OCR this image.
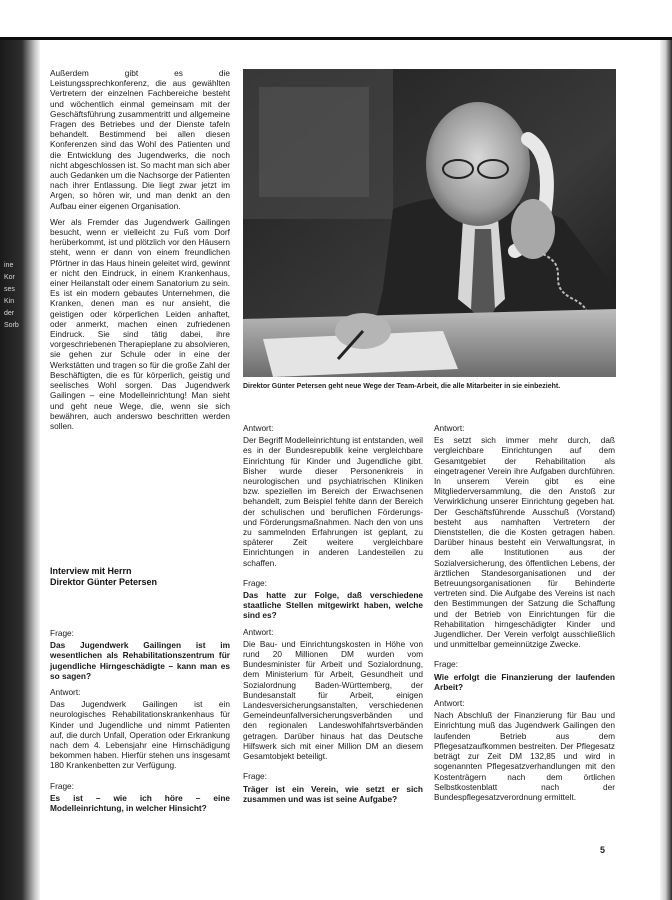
ine
Kor
ses
Kin
der
Sorb

Außerdem gibt es die Leistungssprechkonferenz, die aus gewählten Vertretern der einzelnen Fachbereiche besteht und wöchentlich einmal gemeinsam mit der Geschäftsführung zusammentritt und allgemeine Fragen des Betriebes und der Dienste tafeln behandelt. Bestimmend bei allen diesen Konferenzen sind das Wohl des Patienten und die Entwicklung des Jugendwerks, die noch nicht abgeschlossen ist. So macht man sich aber auch Gedanken um die Nachsorge der Patienten nach ihrer Entlassung. Die liegt zwar jetzt im Argen, so hören wir, und man denkt an den Aufbau einer eigenen Organisation.

Wer als Fremder das Jugendwerk Gailingen besucht, wenn er vielleicht zu Fuß vom Dorf herüberkommt, ist und plötzlich vor den Häusern steht, wenn er dann von einem freundlichen Pförtner in das Haus hinein geleitet wird, gewinnt er nicht den Eindruck, in einem Krankenhaus, einer Heilanstalt oder einem Sanatorium zu sein. Es ist ein modern gebautes Unternehmen, die Kranken, denen man es nur ansieht, die geistigen oder körperlichen Leiden anhaftet, oder anmerkt, machen einen zufriedenen Eindruck. Sie sind tätig dabei, ihre vorgeschriebenen Therapieplane zu absolvieren, sie gehen zur Schule oder in eine der Werkstätten und tragen so für die große Zahl der Beschäftigten, die es für körperlich, geistig und seelisches Wohl sorgen. Das Jugendwerk Gailingen – eine Modelleinrichtung! Man sieht und geht neue Wege, die, wenn sie sich bewähren, auch anderswo beschritten werden sollen.

Interview mit Herrn
Direktor Günter Petersen

Frage:

Das Jugendwerk Gailingen ist im wesentlichen als Rehabilitationszentrum für jugendliche Hirngeschädigte – kann man es so sagen?

Antwort:

Das Jugendwerk Gailingen ist ein neurologisches Rehabilitationskrankenhaus für Kinder und Jugendliche und nimmt Patienten auf, die durch Unfall, Operation oder Erkrankung nach dem 4. Lebensjahr eine Hirnschädigung bekommen haben. Hierfür stehen uns insgesamt 180 Krankenbetten zur Verfügung.

Frage:

Es ist – wie ich höre – eine Modelleinrichtung, in welcher Hinsicht?

Direktor Günter Petersen geht neue Wege der Team-Arbeit, die alle Mitarbeiter in sie einbezieht.

Antwort:

Der Begriff Modelleinrichtung ist entstanden, weil es in der Bundesrepublik keine vergleichbare Einrichtung für Kinder und Jugendliche gibt. Bisher wurde dieser Personenkreis in neurologischen und psychiatrischen Kliniken bzw. speziellen im Bereich der Erwachsenen behandelt, zum Beispiel fehlte dann der Bereich der schulischen und beruflichen Förderungs- und Förderungsmaßnahmen. Nach den von uns zu sammelnden Erfahrungen ist geplant, zu späterer Zeit weitere vergleichbare Einrichtungen in anderen Landesteilen zu schaffen.

Frage:

Das hatte zur Folge, daß verschiedene staatliche Stellen mitgewirkt haben, welche sind es?

Antwort:

Die Bau- und Einrichtungskosten in Höhe von rund 20 Millionen DM wurden vom Bundesminister für Arbeit und Sozialordnung, dem Ministerium für Arbeit, Gesundheit und Sozialordnung Baden-Württemberg, der Bundesanstalt für Arbeit, einigen Landesversicherungsanstalten, verschiedenen Gemeindeunfallversicherungsverbänden und den regionalen Landeswohlfahrtsverbänden getragen. Darüber hinaus hat das Deutsche Hilfswerk sich mit einer Million DM an diesem Gesamtobjekt beteiligt.

Frage:

Träger ist ein Verein, wie setzt er sich zusammen und was ist seine Aufgabe?

Antwort:

Es setzt sich immer mehr durch, daß vergleichbare Einrichtungen auf dem Gesamtgebiet der Rehabilitation als eingetragener Verein ihre Aufgaben durchführen. In unserem Verein gibt es eine Mitgliederversammlung, die den Anstoß zur Verwirklichung unserer Einrichtung gegeben hat. Der Geschäftsführende Ausschuß (Vorstand) besteht aus namhaften Vertretern der Dienststellen, die die Kosten getragen haben. Darüber hinaus besteht ein Verwaltungsrat, in dem alle Institutionen aus der Sozialversicherung, des öffentlichen Lebens, der ärztlichen Standesorganisationen und der Betreuungsorganisationen für Behinderte vertreten sind. Die Aufgabe des Vereins ist nach den Bestimmungen der Satzung die Schaffung und der Betrieb von Einrichtungen für die Rehabilitation hirngeschädigter Kinder und Jugendlicher. Der Verein verfolgt ausschließlich und unmittelbar gemeinnützige Zwecke.

Frage:

Wie erfolgt die Finanzierung der laufenden Arbeit?

Antwort:

Nach Abschluß der Finanzierung für Bau und Einrichtung muß das Jugendwerk Gailingen den laufenden Betrieb aus dem Pflegesatzaufkommen bestreiten. Der Pflegesatz beträgt zur Zeit DM 132,85 und wird in sogenannten Pflegesatzverhandlungen mit den Kostenträgern nach dem örtlichen Selbstkostenblatt nach der Bundespflegesatzverordnung ermittelt.

5
